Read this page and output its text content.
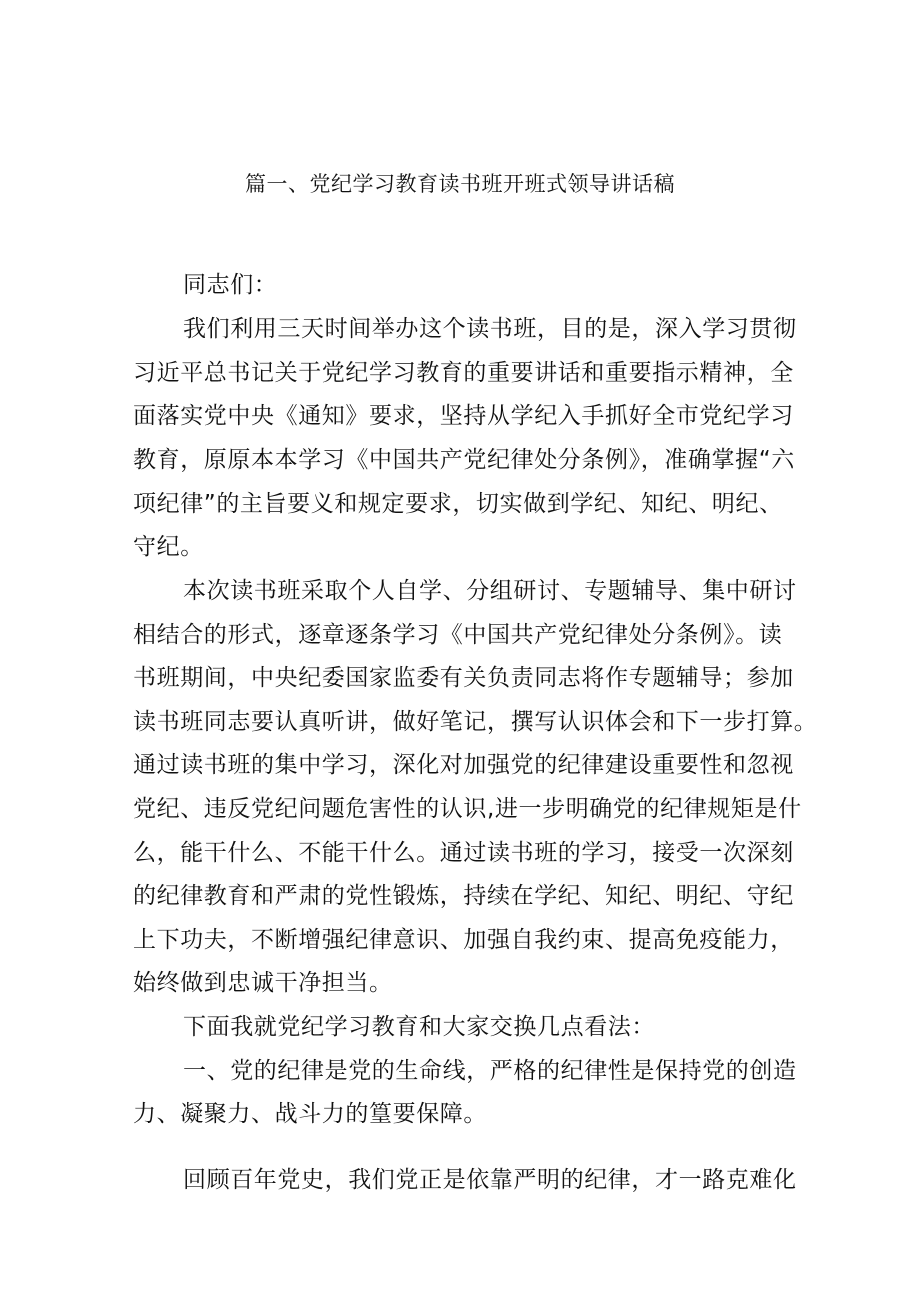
篇一、党纪学习教育读书班开班式领导讲话稿
同志们：
我们利用三天时间举办这个读书班，目的是，深入学习贯彻
习近平总书记关于党纪学习教育的重要讲话和重要指示精神，全
面落实党中央《通知》要求，坚持从学纪入手抓好全市党纪学习
教育，原原本本学习《中国共产党纪律处分条例》，准确掌握“六
项纪律”的主旨要义和规定要求，切实做到学纪、知纪、明纪、
守纪。
本次读书班采取个人自学、分组研讨、专题辅导、集中研讨
相结合的形式，逐章逐条学习《中国共产党纪律处分条例》。读
书班期间，中央纪委国家监委有关负责同志将作专题辅导；参加
读书班同志要认真听讲，做好笔记，撰写认识体会和下一步打算。
通过读书班的集中学习，深化对加强党的纪律建设重要性和忽视
党纪、违反党纪问题危害性的认识,进一步明确党的纪律规矩是什
么，能干什么、不能干什么。通过读书班的学习，接受一次深刻
的纪律教育和严肃的党性锻炼，持续在学纪、知纪、明纪、守纪
上下功夫，不断增强纪律意识、加强自我约束、提高免疫能力，
始终做到忠诚干净担当。
下面我就党纪学习教育和大家交换几点看法：
一、党的纪律是党的生命线，严格的纪律性是保持党的创造
力、凝聚力、战斗力的篁要保障。
回顾百年党史，我们党正是依靠严明的纪律，才一路克难化
